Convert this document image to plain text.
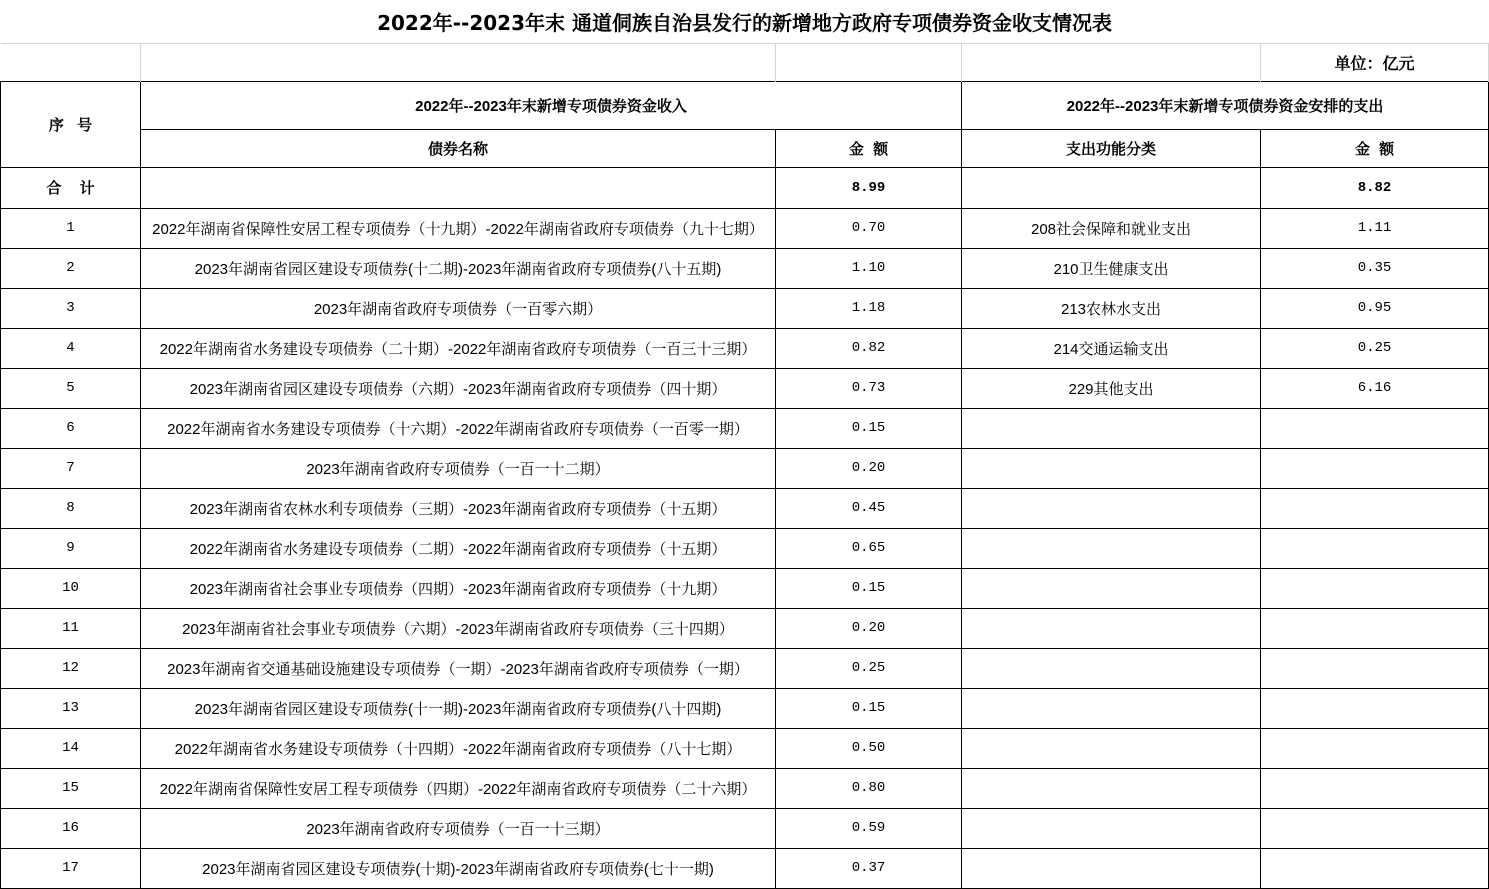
2022年--2023年末 通道侗族自治县发行的新增地方政府专项债券资金收支情况表				
				单位：亿元
序 号	2022年--2023年末新增专项债券资金收入		2022年--2023年末新增专项债券资金安排的支出	
	债券名称	金 额	支出功能分类	金 额
合 计		8.99		8.82
1	2022年湖南省保障性安居工程专项债券（十九期）-2022年湖南省政府专项债券（九十七期）	0.70	208社会保障和就业支出	1.11
2	2023年湖南省园区建设专项债券(十二期)-2023年湖南省政府专项债券(八十五期)	1.10	210卫生健康支出	0.35
3	2023年湖南省政府专项债券（一百零六期）	1.18	213农林水支出	0.95
4	2022年湖南省水务建设专项债券（二十期）-2022年湖南省政府专项债券（一百三十三期）	0.82	214交通运输支出	0.25
5	2023年湖南省园区建设专项债券（六期）-2023年湖南省政府专项债券（四十期）	0.73	229其他支出	6.16
6	2022年湖南省水务建设专项债券（十六期）-2022年湖南省政府专项债券（一百零一期）	0.15		
7	2023年湖南省政府专项债券（一百一十二期）	0.20		
8	2023年湖南省农林水利专项债券（三期）-2023年湖南省政府专项债券（十五期）	0.45		
9	2022年湖南省水务建设专项债券（二期）-2022年湖南省政府专项债券（十五期）	0.65		
10	2023年湖南省社会事业专项债券（四期）-2023年湖南省政府专项债券（十九期）	0.15		
11	2023年湖南省社会事业专项债券（六期）-2023年湖南省政府专项债券（三十四期）	0.20		
12	2023年湖南省交通基础设施建设专项债券（一期）-2023年湖南省政府专项债券（一期）	0.25		
13	2023年湖南省园区建设专项债券(十一期)-2023年湖南省政府专项债券(八十四期)	0.15		
14	2022年湖南省水务建设专项债券（十四期）-2022年湖南省政府专项债券（八十七期）	0.50		
15	2022年湖南省保障性安居工程专项债券（四期）-2022年湖南省政府专项债券（二十六期）	0.80		
16	2023年湖南省政府专项债券（一百一十三期）	0.59		
17	2023年湖南省园区建设专项债券(十期)-2023年湖南省政府专项债券(七十一期)	0.37		
